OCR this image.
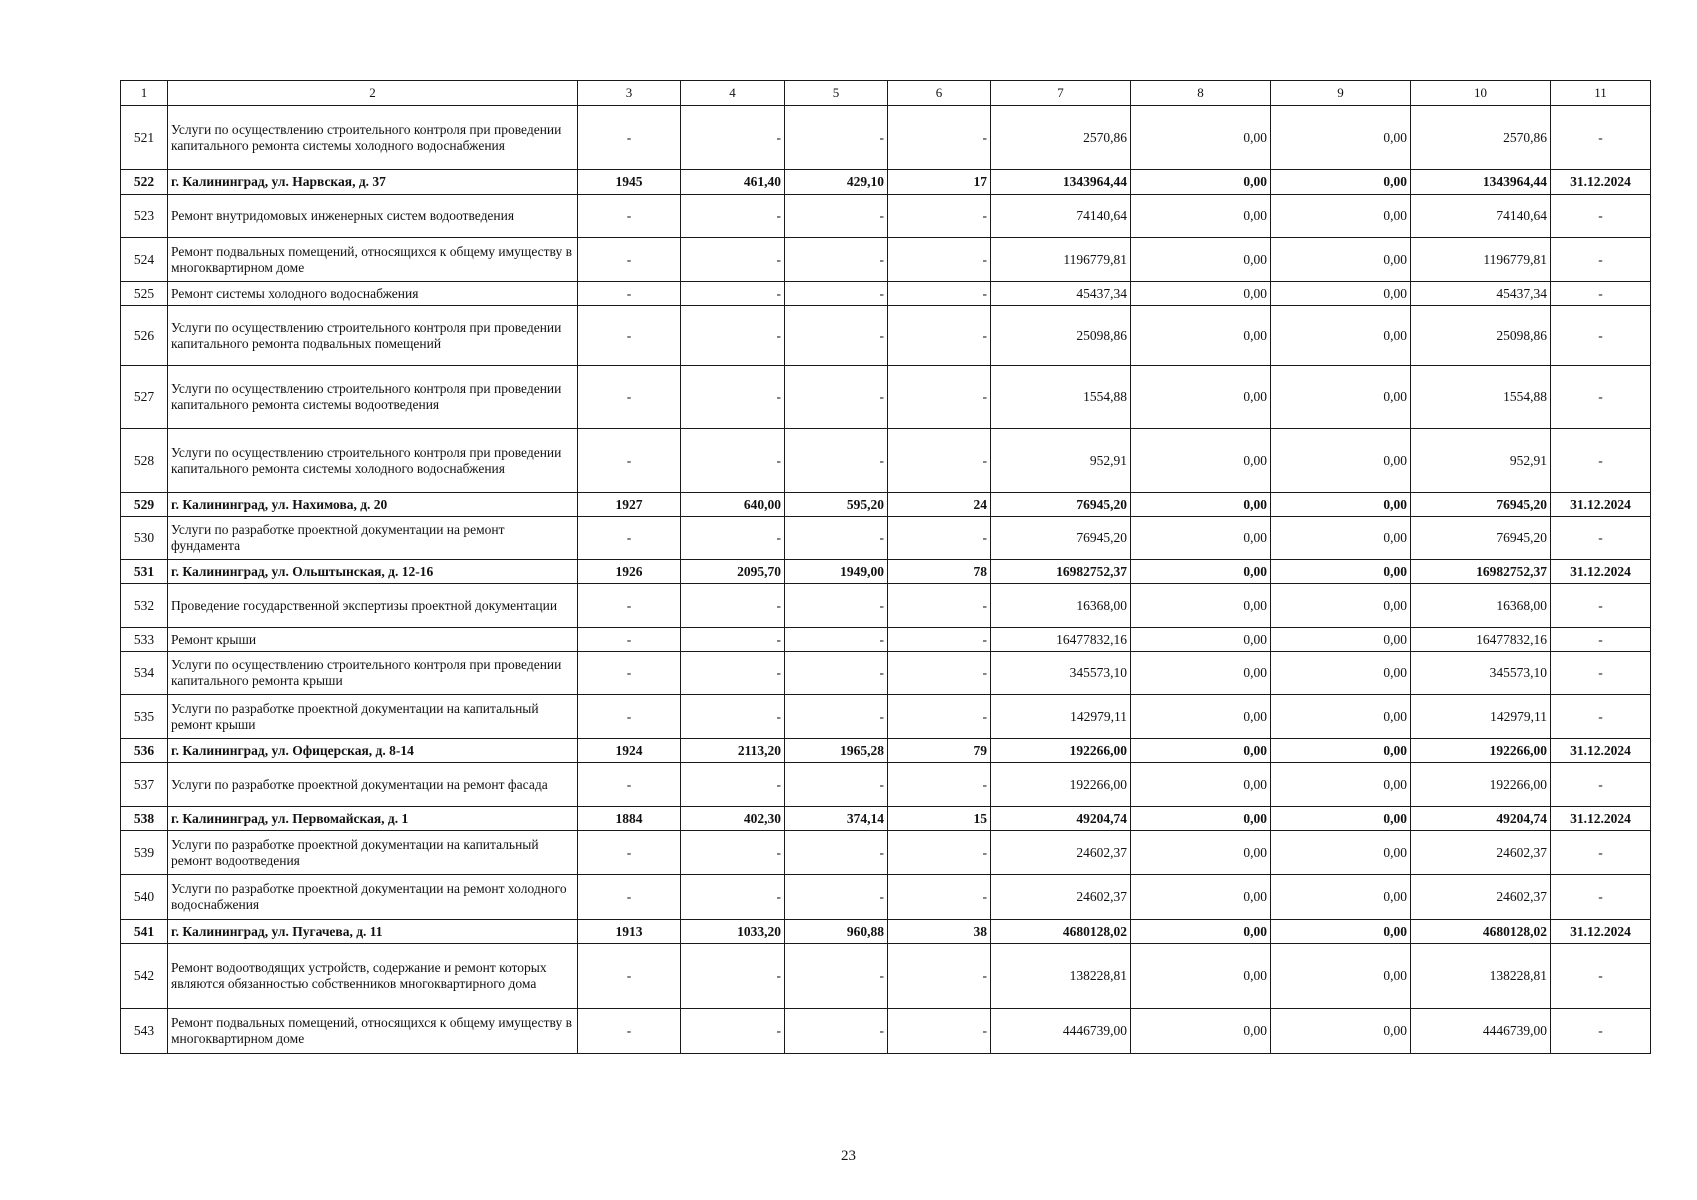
1	2	3	4	5	6	7	8	9	10	11
521	Услуги по осуществлению строительного контроля при проведении капитального ремонта системы холодного водоснабжения	-	-	-	-	2570,86	0,00	0,00	2570,86	-
522	г. Калининград, ул. Нарвская, д. 37	1945	461,40	429,10	17	1343964,44	0,00	0,00	1343964,44	31.12.2024
523	Ремонт внутридомовых инженерных систем водоотведения	-	-	-	-	74140,64	0,00	0,00	74140,64	-
524	Ремонт подвальных помещений, относящихся к общему имуществу в многоквартирном доме	-	-	-	-	1196779,81	0,00	0,00	1196779,81	-
525	Ремонт системы холодного водоснабжения	-	-	-	-	45437,34	0,00	0,00	45437,34	-
526	Услуги по осуществлению строительного контроля при проведении капитального ремонта подвальных помещений	-	-	-	-	25098,86	0,00	0,00	25098,86	-
527	Услуги по осуществлению строительного контроля при проведении капитального ремонта системы водоотведения	-	-	-	-	1554,88	0,00	0,00	1554,88	-
528	Услуги по осуществлению строительного контроля при проведении капитального ремонта системы холодного водоснабжения	-	-	-	-	952,91	0,00	0,00	952,91	-
529	г. Калининград, ул. Нахимова, д. 20	1927	640,00	595,20	24	76945,20	0,00	0,00	76945,20	31.12.2024
530	Услуги по разработке проектной документации на ремонт фундамента	-	-	-	-	76945,20	0,00	0,00	76945,20	-
531	г. Калининград, ул. Ольштынская, д. 12-16	1926	2095,70	1949,00	78	16982752,37	0,00	0,00	16982752,37	31.12.2024
532	Проведение государственной экспертизы проектной документации	-	-	-	-	16368,00	0,00	0,00	16368,00	-
533	Ремонт крыши	-	-	-	-	16477832,16	0,00	0,00	16477832,16	-
534	Услуги по осуществлению строительного контроля при проведении капитального ремонта крыши	-	-	-	-	345573,10	0,00	0,00	345573,10	-
535	Услуги по разработке проектной документации на капитальный ремонт крыши	-	-	-	-	142979,11	0,00	0,00	142979,11	-
536	г. Калининград, ул. Офицерская, д. 8-14	1924	2113,20	1965,28	79	192266,00	0,00	0,00	192266,00	31.12.2024
537	Услуги по разработке проектной документации на ремонт фасада	-	-	-	-	192266,00	0,00	0,00	192266,00	-
538	г. Калининград, ул. Первомайская, д. 1	1884	402,30	374,14	15	49204,74	0,00	0,00	49204,74	31.12.2024
539	Услуги по разработке проектной документации на капитальный ремонт водоотведения	-	-	-	-	24602,37	0,00	0,00	24602,37	-
540	Услуги по разработке проектной документации на ремонт холодного водоснабжения	-	-	-	-	24602,37	0,00	0,00	24602,37	-
541	г. Калининград, ул. Пугачева, д. 11	1913	1033,20	960,88	38	4680128,02	0,00	0,00	4680128,02	31.12.2024
542	Ремонт водоотводящих устройств, содержание и ремонт которых являются обязанностью собственников многоквартирного дома	-	-	-	-	138228,81	0,00	0,00	138228,81	-
543	Ремонт подвальных помещений, относящихся к общему имуществу в многоквартирном доме	-	-	-	-	4446739,00	0,00	0,00	4446739,00	-
23
